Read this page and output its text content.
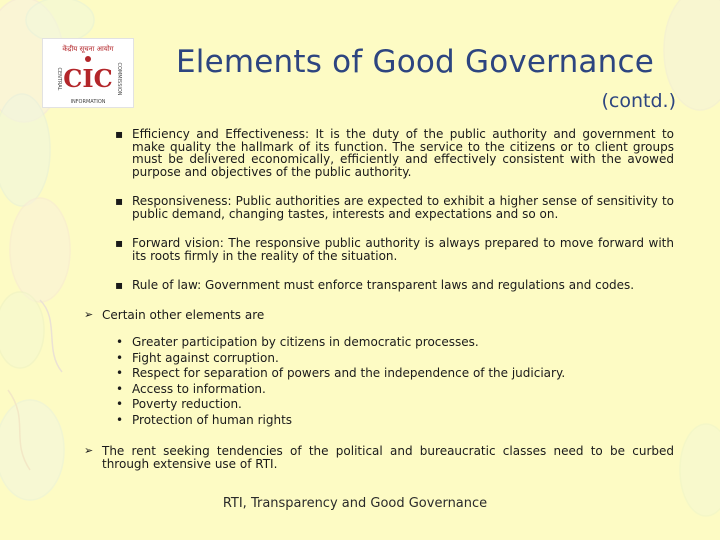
केंद्रीय सूचना आयोग
CENTRAL	COMMISSION
INFORMATION
CIC	Elements of Good Governance
(contd.)
▪ Efficiency and Effectiveness: It is the duty of the public authority and government to make quality the hallmark of its function. The service to the citizens or to client groups must be delivered economically, efficiently and effectively consistent with the avowed purpose and objectives of the public authority.
▪ Responsiveness: Public authorities are expected to exhibit a higher sense of sensitivity to public demand, changing tastes, interests and expectations and so on.
▪ Forward vision: The responsive public authority is always prepared to move forward with its roots firmly in the reality of the situation.
▪ Rule of law: Government must enforce transparent laws and regulations and codes.
➢ Certain other elements are
• Greater participation by citizens in democratic processes.
• Fight against corruption.
• Respect for separation of powers and the independence of the judiciary.
• Access to information.
• Poverty reduction.
• Protection of human rights
➢ The rent seeking tendencies of the political and bureaucratic classes need to be curbed through extensive use of RTI.
RTI, Transparency and Good Governance
